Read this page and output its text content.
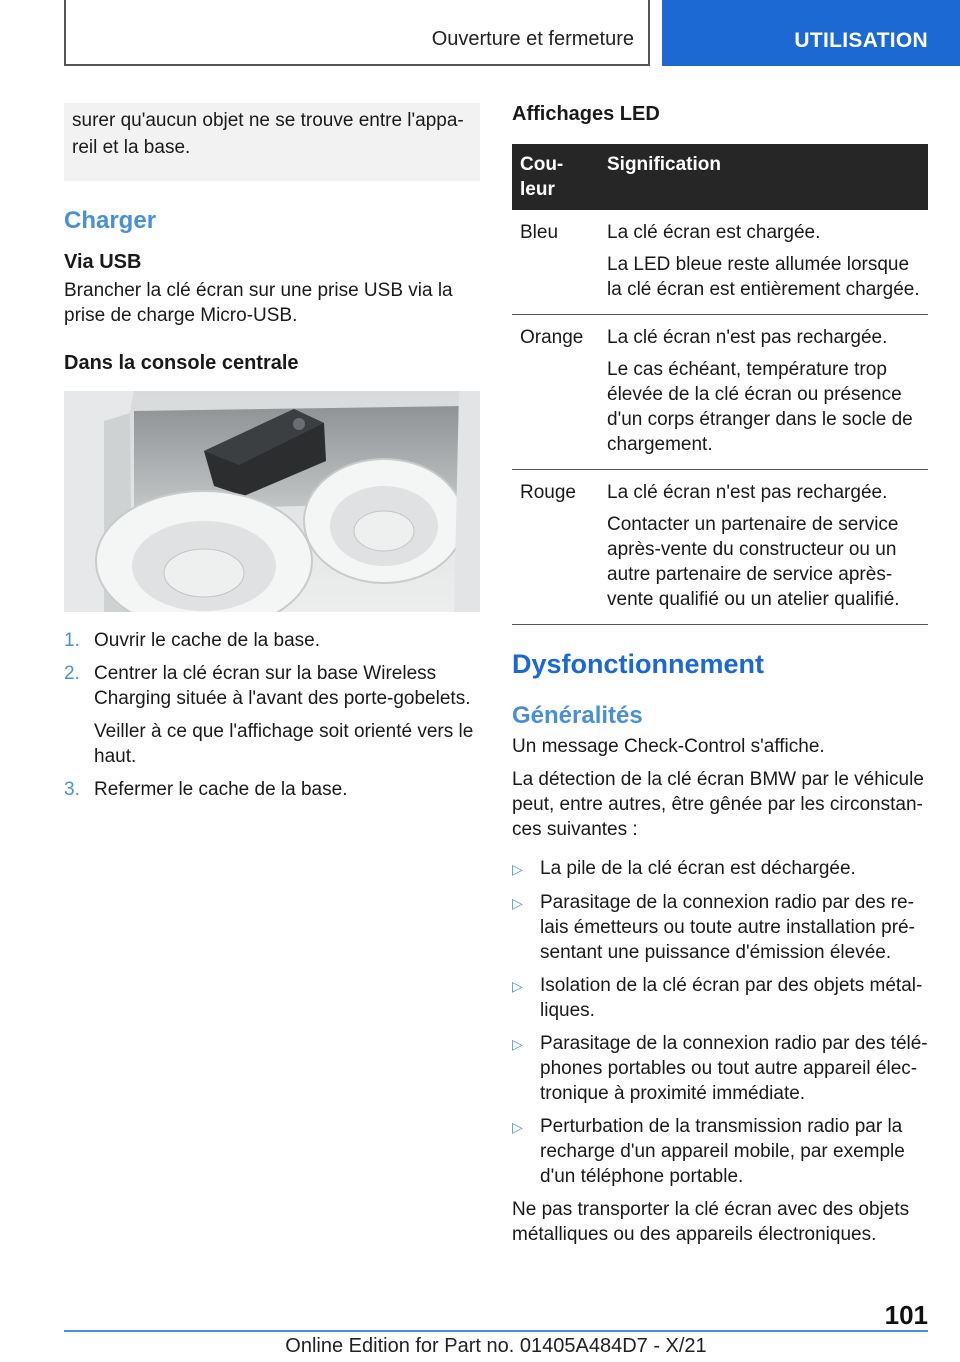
Ouverture et fermeture	UTILISATION
surer qu'aucun objet ne se trouve entre l'appa-reil et la base.
Charger
Via USB
Brancher la clé écran sur une prise USB via la prise de charge Micro-USB.
Dans la console centrale
1. Ouvrir le cache de la base.

2. Centrer la clé écran sur la base Wireless Charging située à l'avant des porte-gobelets.

Veiller à ce que l'affichage soit orienté vers le haut.

3. Refermer le cache de la base.

Affichages LED
Cou-leur	Signification
Bleu	La clé écran est chargée.

La LED bleue reste allumée lorsque la clé écran est entièrement chargée.

Orange	La clé écran n'est pas rechargée.

Le cas échéant, température trop élevée de la clé écran ou présence d'un corps étranger dans le socle de chargement.

Rouge	La clé écran n'est pas rechargée.

Contacter un partenaire de service après-vente du constructeur ou un autre partenaire de service après-vente qualifié ou un atelier qualifié.

Dysfonctionnement
Généralités
Un message Check-Control s'affiche.
La détection de la clé écran BMW par le véhicule peut, entre autres, être gênée par les circonstan-ces suivantes :
▷ La pile de la clé écran est déchargée.
▷ Parasitage de la connexion radio par des re-lais émetteurs ou toute autre installation pré-sentant une puissance d'émission élevée.
▷ Isolation de la clé écran par des objets métal-liques.
▷ Parasitage de la connexion radio par des télé-phones portables ou tout autre appareil élec-tronique à proximité immédiate.
▷ Perturbation de la transmission radio par la recharge d'un appareil mobile, par exemple d'un téléphone portable.
Ne pas transporter la clé écran avec des objets métalliques ou des appareils électroniques.
101
Online Edition for Part no. 01405A484D7 - X/21
